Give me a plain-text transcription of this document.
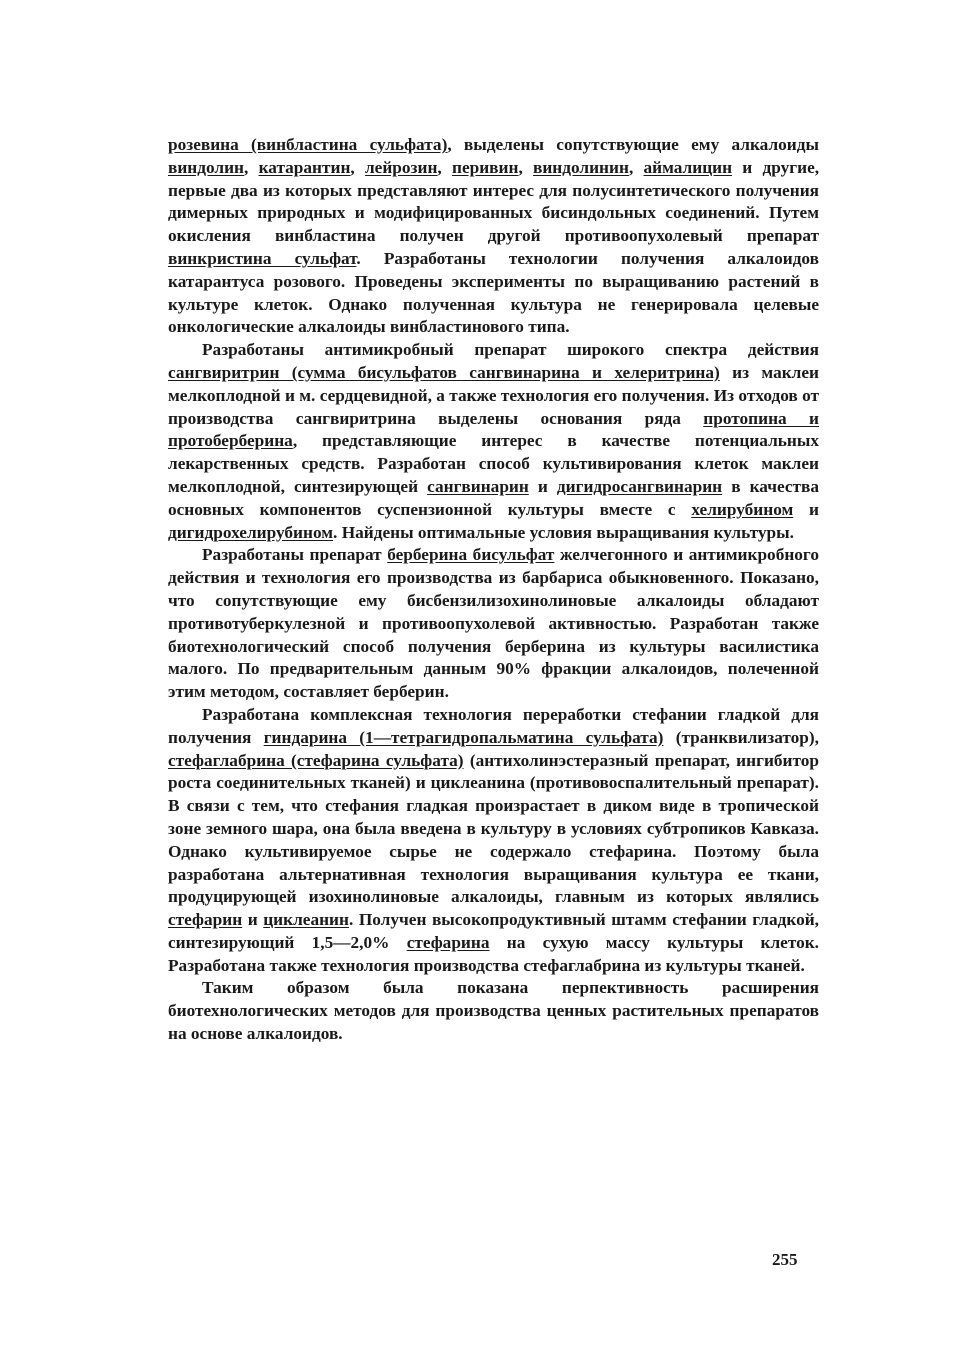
розевина (винбластина сульфата), выделены сопутствующие ему алкалоиды виндолин, катарантин, лейрозин, перивин, виндолинин, аймалицин и другие, первые два из которых представляют интерес для полусинтетического получения димерных природных и модифицированных бисиндольных соединений. Путем окисления винбластина получен другой противоопухолевый препарат винкристина сульфат. Разработаны технологии получения алкалоидов катарантуса розового. Проведены эксперименты по выращиванию растений в культуре клеток. Однако полученная культура не генерировала целевые онкологические алкалоиды винбластинового типа.

Разработаны антимикробный препарат широкого спектра действия сангвиритрин (сумма бисульфатов сангвинарина и хелеритрина) из маклеи мелкоплодной и м. сердцевидной, а также технология его получения. Из отходов от производства сангвиритрина выделены основания ряда протопина и протоберберина, представляющие интерес в качестве потенциальных лекарственных средств. Разработан способ культивирования клеток маклеи мелкоплодной, синтезирующей сангвинарин и дигидросангвинарин в качества основных компонентов суспензионной культуры вместе с хелирубином и дигидрохелирубином. Найдены оптимальные условия выращивания культуры.

Разработаны препарат берберина бисульфат желчегонного и антимикробного действия и технология его производства из барбариса обыкновенного. Показано, что сопутствующие ему бисбензилизохинолиновые алкалоиды обладают противотуберкулезной и противоопухолевой активностью. Разработан также биотехнологический способ получения берберина из культуры василистика малого. По предварительным данным 90% фракции алкалоидов, полеченной этим методом, составляет берберин.

Разработана комплексная технология переработки стефании гладкой для получения гиндарина (1—тетрагидропальматина сульфата) (транквилизатор), стефаглабрина (стефарина сульфата) (антихолинэстеразный препарат, ингибитор роста соединительных тканей) и циклеанина (противовоспалительный препарат). В связи с тем, что стефания гладкая произрастает в диком виде в тропической зоне земного шара, она была введена в культуру в условиях субтропиков Кавказа. Однако культивируемое сырье не содержало стефарина. Поэтому была разработана альтернативная технология выращивания культура ее ткани, продуцирующей изохинолиновые алкалоиды, главным из которых являлись стефарин и циклеанин. Получен высокопродуктивный штамм стефании гладкой, синтезирующий 1,5—2,0% стефарина на сухую массу культуры клеток. Разработана также технология производства стефаглабрина из культуры тканей.

Таким образом была показана перпективность расширения биотехнологических методов для производства ценных растительных препаратов на основе алкалоидов.

255
